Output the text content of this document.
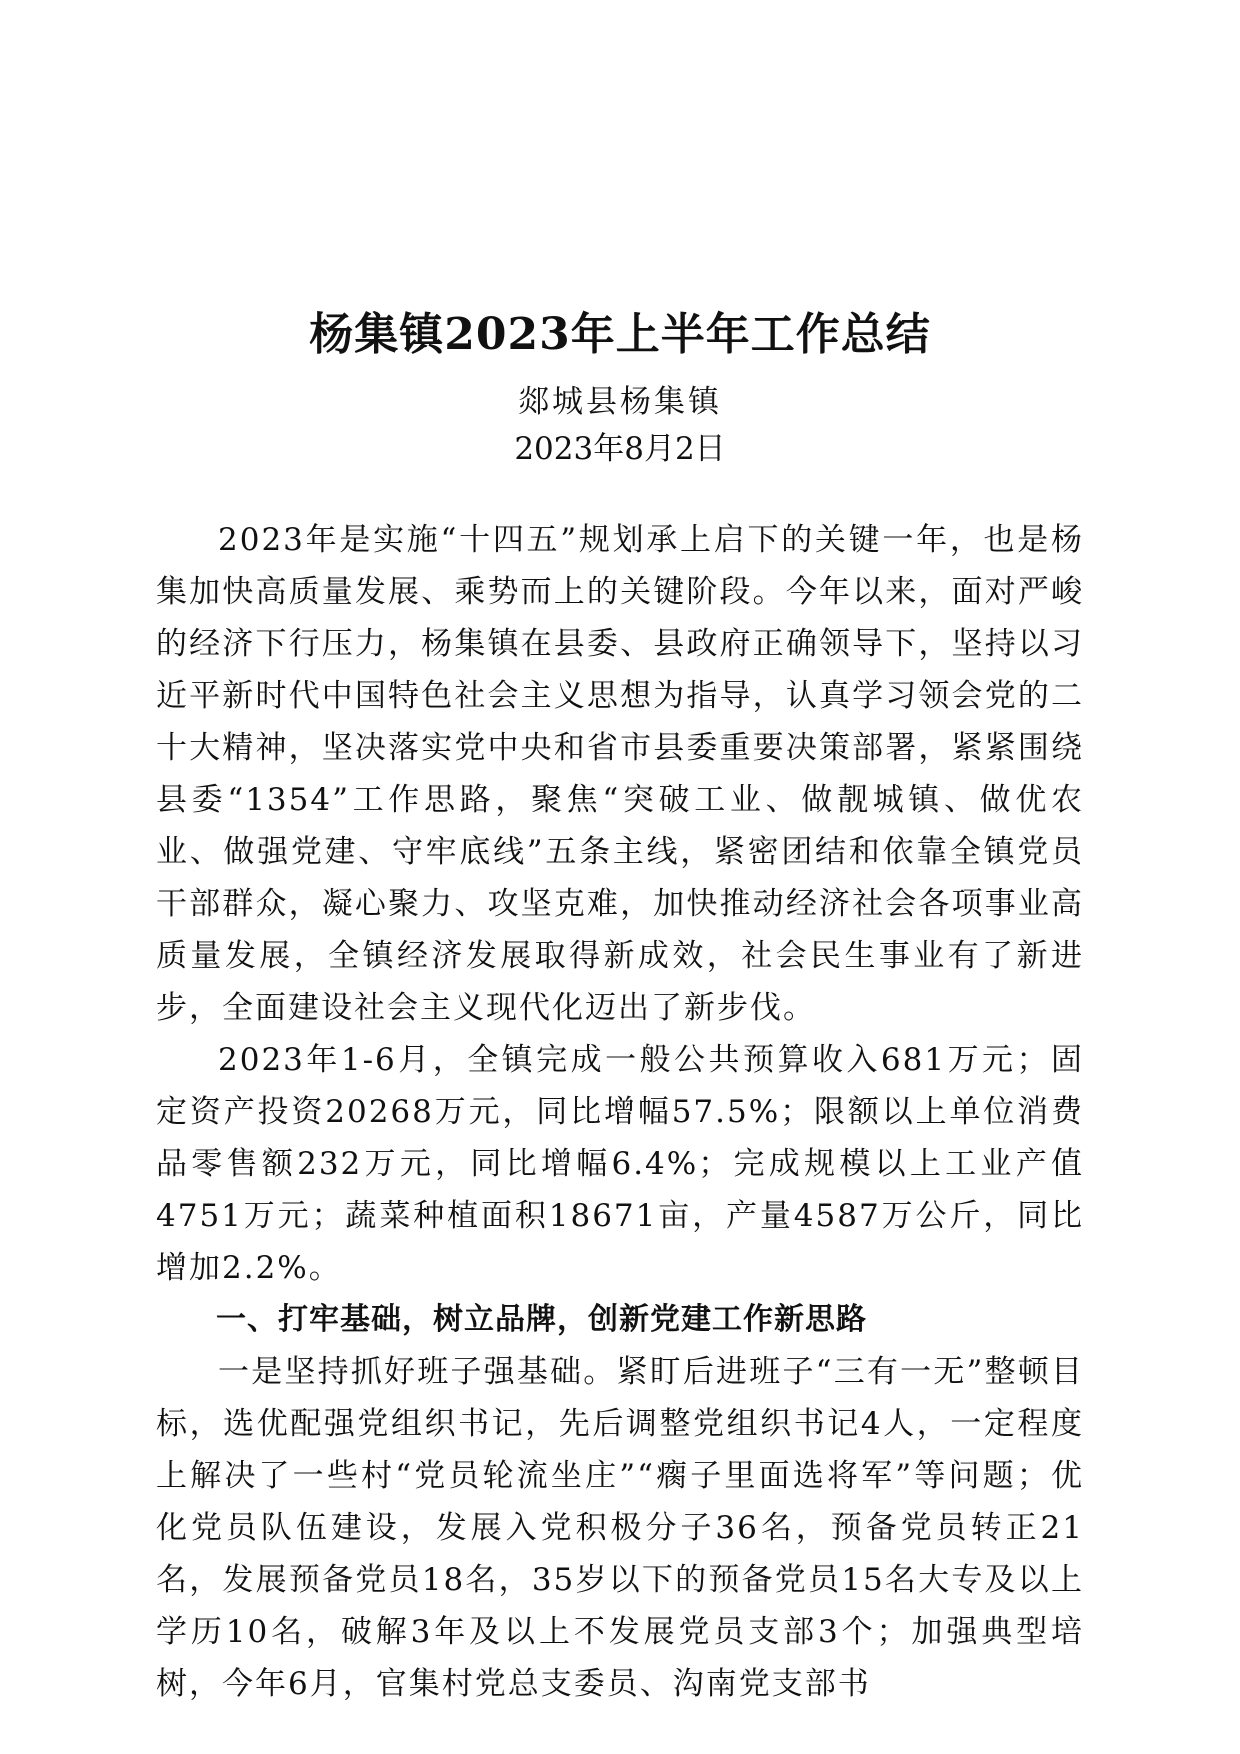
杨集镇2023年上半年工作总结
郯城县杨集镇
2023年8月2日

2023年是实施“十四五”规划承上启下的关键一年，也是杨集加快高质量发展、乘势而上的关键阶段。今年以来，面对严峻的经济下行压力，杨集镇在县委、县政府正确领导下，坚持以习近平新时代中国特色社会主义思想为指导，认真学习领会党的二十大精神，坚决落实党中央和省市县委重要决策部署，紧紧围绕县委“1354”工作思路，聚焦“突破工业、做靓城镇、做优农业、做强党建、守牢底线”五条主线，紧密团结和依靠全镇党员干部群众，凝心聚力、攻坚克难，加快推动经济社会各项事业高质量发展，全镇经济发展取得新成效，社会民生事业有了新进步，全面建设社会主义现代化迈出了新步伐。

2023年1-6月，全镇完成一般公共预算收入681万元；固定资产投资20268万元，同比增幅57.5%；限额以上单位消费品零售额232万元，同比增幅6.4%；完成规模以上工业产值4751万元；蔬菜种植面积18671亩，产量4587万公斤，同比增加2.2%。

一、打牢基础，树立品牌，创新党建工作新思路

一是坚持抓好班子强基础。紧盯后进班子“三有一无”整顿目标，选优配强党组织书记，先后调整党组织书记4人，一定程度上解决了一些村“党员轮流坐庄”“瘸子里面选将军”等问题；优化党员队伍建设，发展入党积极分子36名，预备党员转正21名，发展预备党员18名，35岁以下的预备党员15名大专及以上学历10名，破解3年及以上不发展党员支部3个；加强典型培树，今年6月，官集村党总支委员、沟南党支部书
